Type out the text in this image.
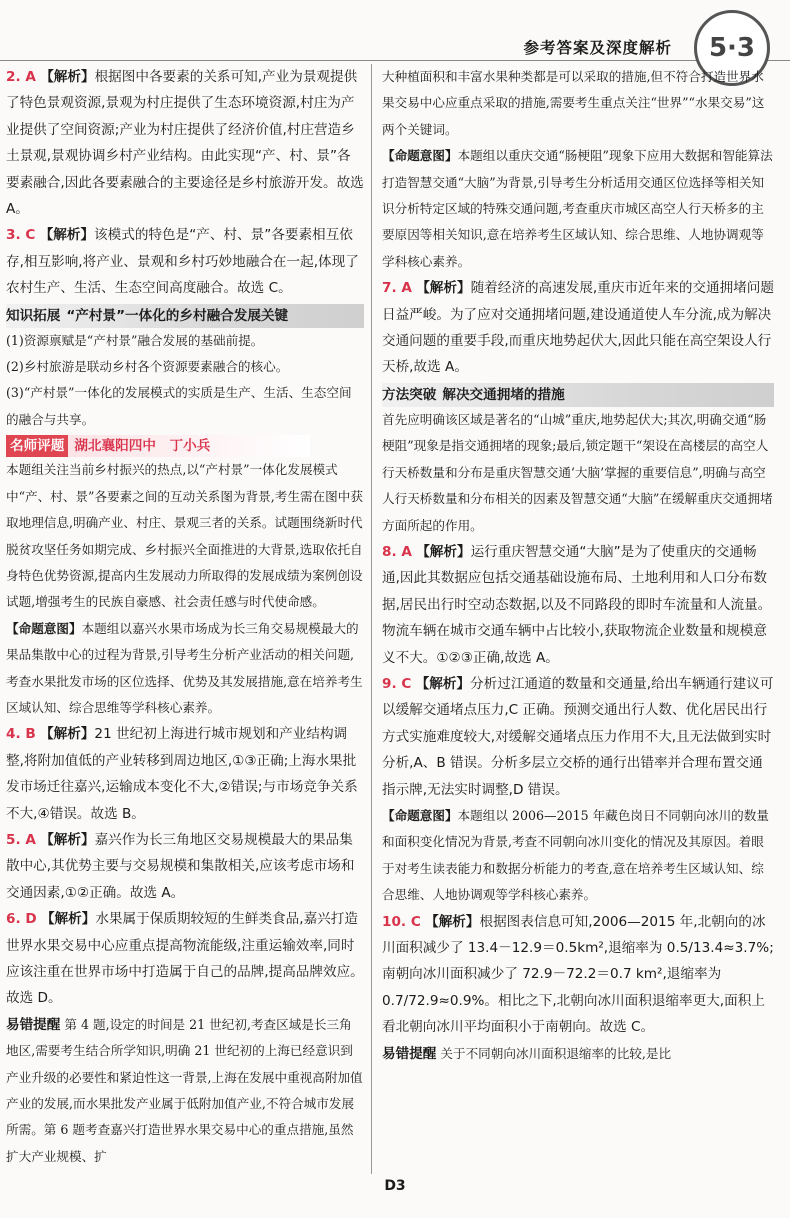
参考答案及深度解析 5·3

2. A 【解析】根据图中各要素的关系可知,产业为景观提供了特色景观资源,景观为村庄提供了生态环境资源,村庄为产业提供了空间资源;产业为村庄提供了经济价值,村庄营造乡土景观,景观协调乡村产业结构。由此实现“产、村、景”各要素融合,因此各要素融合的主要途径是乡村旅游开发。故选 A。

3. C 【解析】该模式的特色是“产、村、景”各要素相互依存,相互影响,将产业、景观和乡村巧妙地融合在一起,体现了农村生产、生活、生态空间高度融合。故选 C。

知识拓展 “产村景”一体化的乡村融合发展关键

(1)资源禀赋是“产村景”融合发展的基础前提。

(2)乡村旅游是联动乡村各个资源要素融合的核心。

(3)“产村景”一体化的发展模式的实质是生产、生活、生态空间的融合与共享。

名师评题 湖北襄阳四中　丁小兵

本题组关注当前乡村振兴的热点,以“产村景”一体化发展模式中“产、村、景”各要素之间的互动关系图为背景,考生需在图中获取地理信息,明确产业、村庄、景观三者的关系。试题围绕新时代脱贫攻坚任务如期完成、乡村振兴全面推进的大背景,选取依托自身特色优势资源,提高内生发展动力所取得的发展成绩为案例创设试题,增强考生的民族自豪感、社会责任感与时代使命感。

【命题意图】本题组以嘉兴水果市场成为长三角交易规模最大的果品集散中心的过程为背景,引导考生分析产业活动的相关问题,考查水果批发市场的区位选择、优势及其发展措施,意在培养考生区域认知、综合思维等学科核心素养。

4. B 【解析】21 世纪初上海进行城市规划和产业结构调整,将附加值低的产业转移到周边地区,①③正确;上海水果批发市场迁往嘉兴,运输成本变化不大,②错误;与市场竞争关系不大,④错误。故选 B。

5. A 【解析】嘉兴作为长三角地区交易规模最大的果品集散中心,其优势主要与交易规模和集散相关,应该考虑市场和交通因素,①②正确。故选 A。

6. D 【解析】水果属于保质期较短的生鲜类食品,嘉兴打造世界水果交易中心应重点提高物流能级,注重运输效率,同时应该注重在世界市场中打造属于自己的品牌,提高品牌效应。故选 D。

易错提醒 第 4 题,设定的时间是 21 世纪初,考查区域是长三角地区,需要考生结合所学知识,明确 21 世纪初的上海已经意识到产业升级的必要性和紧迫性这一背景,上海在发展中重视高附加值产业的发展,而水果批发产业属于低附加值产业,不符合城市发展所需。第 6 题考查嘉兴打造世界水果交易中心的重点措施,虽然扩大产业规模、扩

大种植面积和丰富水果种类都是可以采取的措施,但不符合打造世界水果交易中心应重点采取的措施,需要考生重点关注“世界”“水果交易”这两个关键词。

【命题意图】本题组以重庆交通“肠梗阻”现象下应用大数据和智能算法打造智慧交通“大脑”为背景,引导考生分析适用交通区位选择等相关知识分析特定区域的特殊交通问题,考查重庆市城区高空人行天桥多的主要原因等相关知识,意在培养考生区域认知、综合思维、人地协调观等学科核心素养。

7. A 【解析】随着经济的高速发展,重庆市近年来的交通拥堵问题日益严峻。为了应对交通拥堵问题,建设通道使人车分流,成为解决交通问题的重要手段,而重庆地势起伏大,因此只能在高空架设人行天桥,故选 A。

方法突破 解决交通拥堵的措施

首先应明确该区域是著名的“山城”重庆,地势起伏大;其次,明确交通“肠梗阻”现象是指交通拥堵的现象;最后,锁定题干“架设在高楼层的高空人行天桥数量和分布是重庆智慧交通‘大脑’掌握的重要信息”,明确与高空人行天桥数量和分布相关的因素及智慧交通“大脑”在缓解重庆交通拥堵方面所起的作用。

8. A 【解析】运行重庆智慧交通“大脑”是为了使重庆的交通畅通,因此其数据应包括交通基础设施布局、土地利用和人口分布数据,居民出行时空动态数据,以及不同路段的即时车流量和人流量。物流车辆在城市交通车辆中占比较小,获取物流企业数量和规模意义不大。①②③正确,故选 A。

9. C 【解析】分析过江通道的数量和交通量,给出车辆通行建议可以缓解交通堵点压力,C 正确。预测交通出行人数、优化居民出行方式实施难度较大,对缓解交通堵点压力作用不大,且无法做到实时分析,A、B 错误。分析多层立交桥的通行出错率并合理布置交通指示牌,无法实时调整,D 错误。

【命题意图】本题组以 2006—2015 年藏色岗日不同朝向冰川的数量和面积变化情况为背景,考查不同朝向冰川变化的情况及其原因。着眼于对考生读表能力和数据分析能力的考查,意在培养考生区域认知、综合思维、人地协调观等学科核心素养。

10. C 【解析】根据图表信息可知,2006—2015 年,北朝向的冰川面积减少了 13.4－12.9＝0.5km²,退缩率为 0.5/13.4≈3.7%;南朝向冰川面积减少了 72.9－72.2＝0.7 km²,退缩率为 0.7/72.9≈0.9%。相比之下,北朝向冰川面积退缩率更大,面积上看北朝向冰川平均面积小于南朝向。故选 C。

易错提醒 关于不同朝向冰川面积退缩率的比较,是比

D3
